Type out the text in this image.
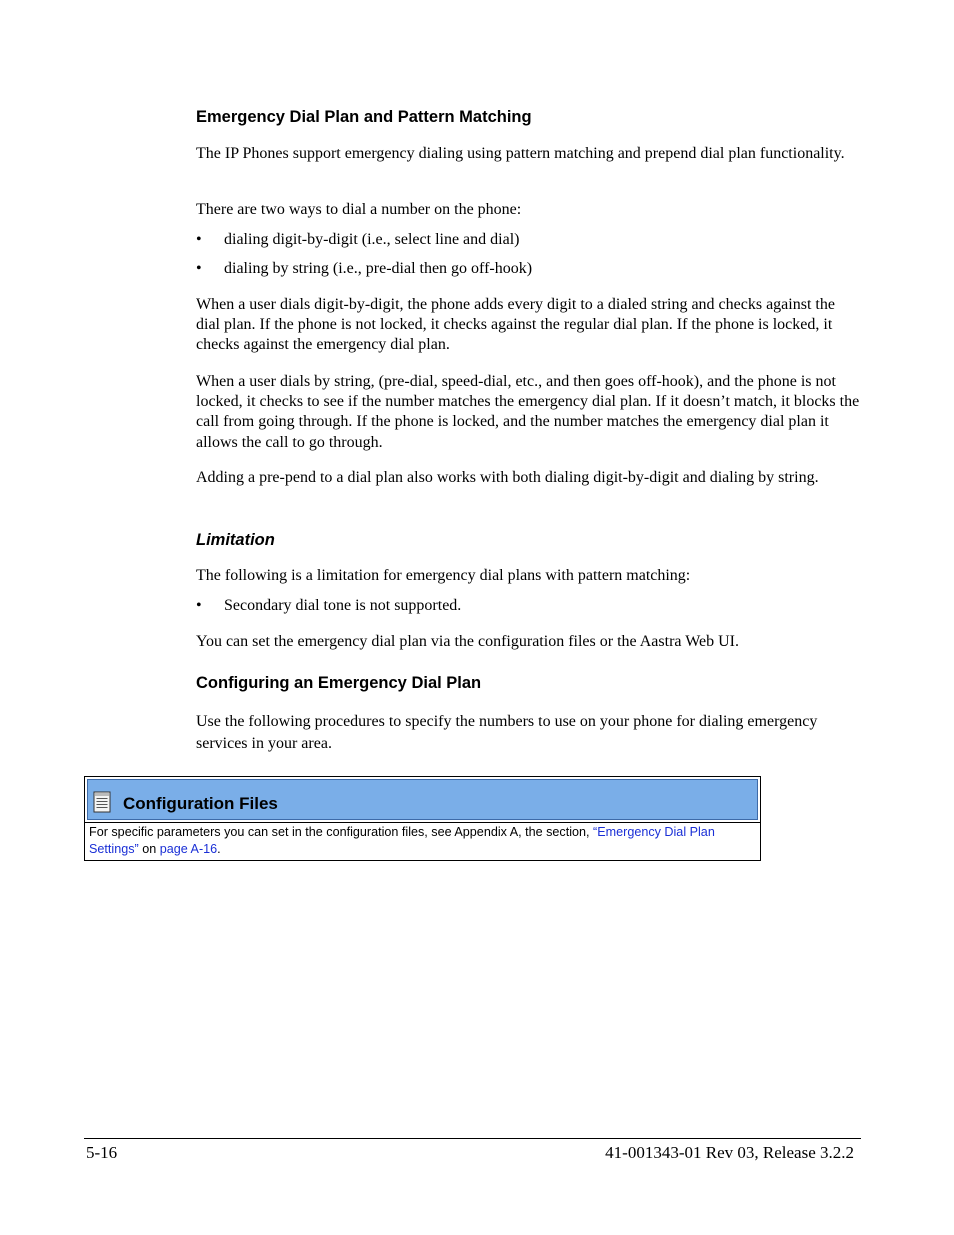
Emergency Dial Plan and Pattern Matching

The IP Phones support emergency dialing using pattern matching and prepend dial plan functionality.

There are two ways to dial a number on the phone:

• dialing digit-by-digit (i.e., select line and dial)
• dialing by string (i.e., pre-dial then go off-hook)

When a user dials digit-by-digit, the phone adds every digit to a dialed string and checks against the dial plan. If the phone is not locked, it checks against the regular dial plan. If the phone is locked, it checks against the emergency dial plan.

When a user dials by string, (pre-dial, speed-dial, etc., and then goes off-hook), and the phone is not locked, it checks to see if the number matches the emergency dial plan. If it doesn’t match, it blocks the call from going through. If the phone is locked, and the number matches the emergency dial plan it allows the call to go through.

Adding a pre-pend to a dial plan also works with both dialing digit-by-digit and dialing by string.

Limitation

The following is a limitation for emergency dial plans with pattern matching:

• Secondary dial tone is not supported.

You can set the emergency dial plan via the configuration files or the Aastra Web UI.

Configuring an Emergency Dial Plan

Use the following procedures to specify the numbers to use on your phone for dialing emergency services in your area.

Configuration Files
For specific parameters you can set in the configuration files, see Appendix A, the section, “Emergency Dial Plan Settings” on page A-16.
5-16	41-001343-01 Rev 03, Release 3.2.2
